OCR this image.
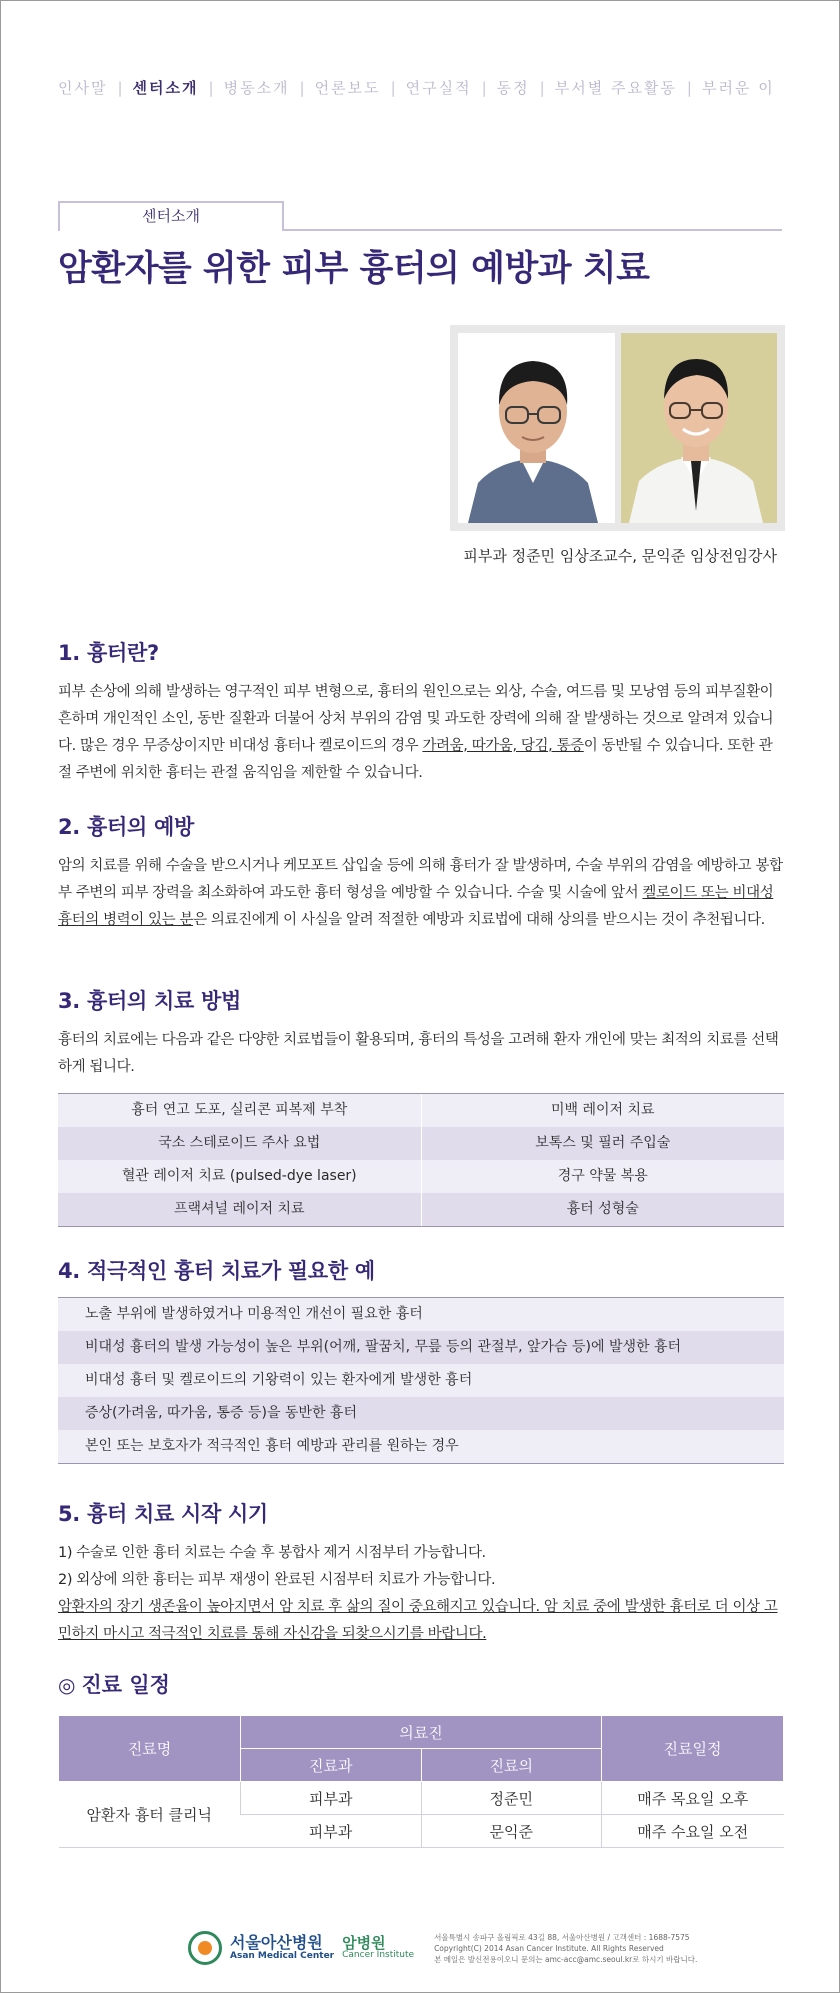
인사말 | 센터소개 | 병동소개 | 언론보도 | 연구실적 | 동정 | 부서별 주요활동 | 부러운 이
센터소개
암환자를 위한 피부 흉터의 예방과 치료
피부과 정준민 임상조교수, 문익준 임상전임강사
1. 흉터란?

피부 손상에 의해 발생하는 영구적인 피부 변형으로, 흉터의 원인으로는 외상, 수술, 여드름 및 모낭염 등의 피부질환이 흔하며 개인적인 소인, 동반 질환과 더불어 상처 부위의 감염 및 과도한 장력에 의해 잘 발생하는 것으로 알려져 있습니다. 많은 경우 무증상이지만 비대성 흉터나 켈로이드의 경우 가려움, 따가움, 당김, 통증이 동반될 수 있습니다. 또한 관절 주변에 위치한 흉터는 관절 움직임을 제한할 수 있습니다.

2. 흉터의 예방

암의 치료를 위해 수술을 받으시거나 케모포트 삽입술 등에 의해 흉터가 잘 발생하며, 수술 부위의 감염을 예방하고 봉합부 주변의 피부 장력을 최소화하여 과도한 흉터 형성을 예방할 수 있습니다. 수술 및 시술에 앞서 켈로이드 또는 비대성 흉터의 병력이 있는 분은 의료진에게 이 사실을 알려 적절한 예방과 치료법에 대해 상의를 받으시는 것이 추천됩니다.

3. 흉터의 치료 방법

흉터의 치료에는 다음과 같은 다양한 치료법들이 활용되며, 흉터의 특성을 고려해 환자 개인에 맞는 최적의 치료를 선택하게 됩니다.

흉터 연고 도포, 실리콘 피복제 부착	미백 레이저 치료
국소 스테로이드 주사 요법	보톡스 및 필러 주입술
혈관 레이저 치료 (pulsed-dye laser)	경구 약물 복용
프랙셔널 레이저 치료	흉터 성형술
4. 적극적인 흉터 치료가 필요한 예
노출 부위에 발생하였거나 미용적인 개선이 필요한 흉터
비대성 흉터의 발생 가능성이 높은 부위(어깨, 팔꿈치, 무릎 등의 관절부, 앞가슴 등)에 발생한 흉터
비대성 흉터 및 켈로이드의 기왕력이 있는 환자에게 발생한 흉터
증상(가려움, 따가움, 통증 등)을 동반한 흉터
본인 또는 보호자가 적극적인 흉터 예방과 관리를 원하는 경우
5. 흉터 치료 시작 시기

1) 수술로 인한 흉터 치료는 수술 후 봉합사 제거 시점부터 가능합니다.

2) 외상에 의한 흉터는 피부 재생이 완료된 시점부터 치료가 가능합니다.

암환자의 장기 생존율이 높아지면서 암 치료 후 삶의 질이 중요해지고 있습니다. 암 치료 중에 발생한 흉터로 더 이상 고민하지 마시고 적극적인 치료를 통해 자신감을 되찾으시기를 바랍니다.

◎ 진료 일정
진료명	의료진		진료일정
	진료과	진료의	
암환자 흉터 클리닉	피부과	정준민	매주 목요일 오후
	피부과	문익준	매주 수요일 오전
서울아산병원
Asan Medical Center
암병원
Cancer Institute
서울특별시 송파구 올림픽로 43길 88, 서울아산병원 / 고객센터 : 1688-7575
Copyright(C) 2014 Asan Cancer Institute. All Rights Reserved
본 메일은 발신전용이오니 문의는 amc-acc@amc.seoul.kr로 하시기 바랍니다.
